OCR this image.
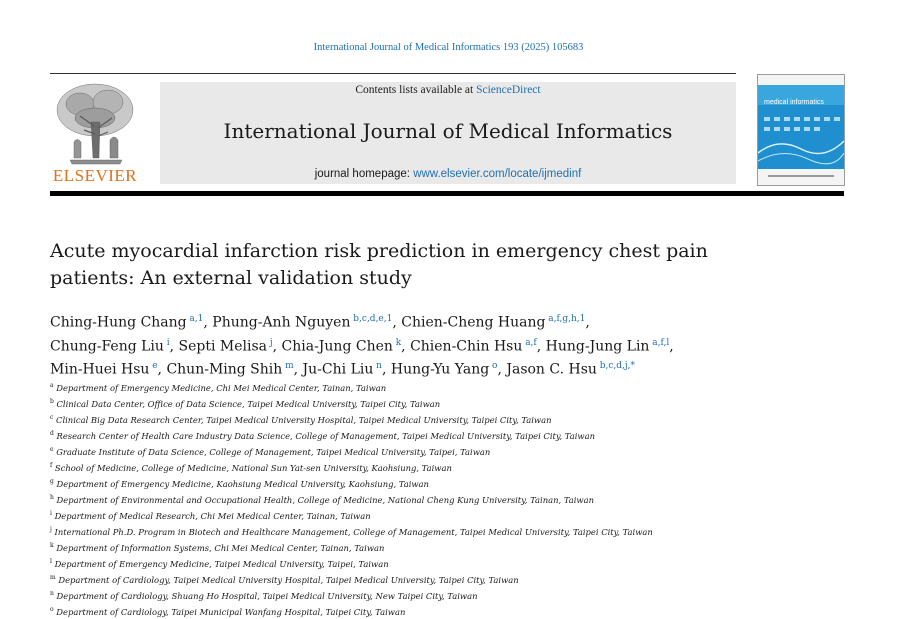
International Journal of Medical Informatics 193 (2025) 105683
ELSEVIER
Contents lists available at ScienceDirect
International Journal of Medical Informatics
journal homepage: www.elsevier.com/locate/ijmedinf
medical informatics
Acute myocardial infarction risk prediction in emergency chest pain
patients: An external validation study
Ching-Hung Chang  $^{a,1}$, Phung-Anh Nguyen  $^{b,c,d,e,1}$, Chien-Cheng Huang  $^{a,f,g,h,1}$,
Chung-Feng Liu  $^i$, Septi Melisa  $^j$, Chia-Jung Chen  $^k$, Chien-Chin Hsu  $^{a,f}$, Hung-Jung Lin  $^{a,f,l}$,
Min-Huei Hsu  $^e$, Chun-Ming Shih  $^m$, Ju-Chi Liu  $^n$, Hung-Yu Yang  $^o$, Jason C. Hsu  $^{b,c,d,j,*}$
$^a$ Department of Emergency Medicine, Chi Mei Medical Center, Tainan, Taiwan
$^b$ Clinical Data Center, Office of Data Science, Taipei Medical University, Taipei City, Taiwan
$^c$ Clinical Big Data Research Center, Taipei Medical University Hospital, Taipei Medical University, Taipei City, Taiwan
$^d$ Research Center of Health Care Industry Data Science, College of Management, Taipei Medical University, Taipei City, Taiwan
$^e$ Graduate Institute of Data Science, College of Management, Taipei Medical University, Taipei, Taiwan
$^f$ School of Medicine, College of Medicine, National Sun Yat-sen University, Kaohsiung, Taiwan
$^g$ Department of Emergency Medicine, Kaohsiung Medical University, Kaohsiung, Taiwan
$^h$ Department of Environmental and Occupational Health, College of Medicine, National Cheng Kung University, Tainan, Taiwan
$^i$ Department of Medical Research, Chi Mei Medical Center, Tainan, Taiwan
$^j$ International Ph.D. Program in Biotech and Healthcare Management, College of Management, Taipei Medical University, Taipei City, Taiwan
$^k$ Department of Information Systems, Chi Mei Medical Center, Tainan, Taiwan
$^l$ Department of Emergency Medicine, Taipei Medical University, Taipei, Taiwan
$^m$ Department of Cardiology, Taipei Medical University Hospital, Taipei Medical University, Taipei City, Taiwan
$^n$ Department of Cardiology, Shuang Ho Hospital, Taipei Medical University, New Taipei City, Taiwan
$^o$ Department of Cardiology, Taipei Municipal Wanfang Hospital, Taipei City, Taiwan
